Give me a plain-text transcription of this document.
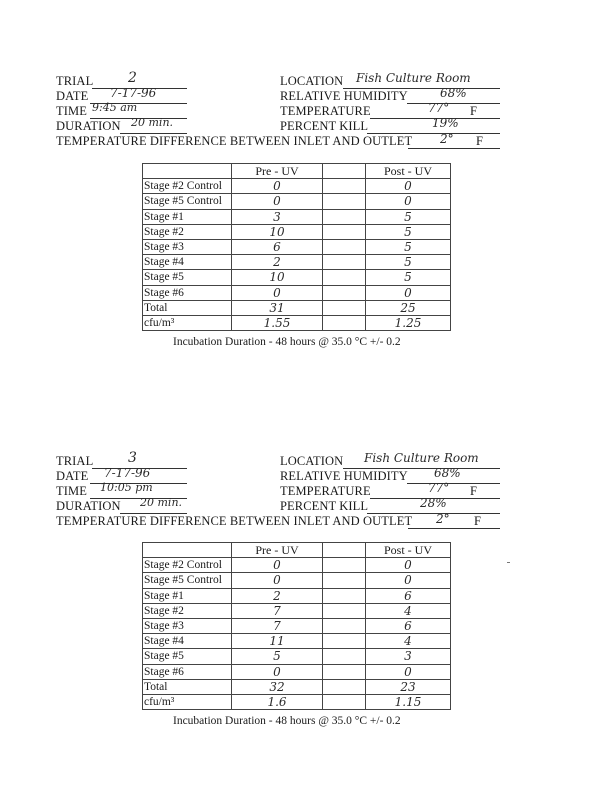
TRIAL 2
DATE 7-17-96
TIME 9:45 am
DURATION 20 min.
LOCATION Fish Culture Room
RELATIVE HUMIDITY	68%
TEMPERATURE	77° F
PERCENT KILL	19%
TEMPERATURE DIFFERENCE BETWEEN INLET AND OUTLET 2° F
	Pre - UV		Post - UV
Stage #2 Control	0		0
Stage #5 Control	0		0
Stage #1	3		5
Stage #2	10		5
Stage #3	6		5
Stage #4	2		5
Stage #5	10		5
Stage #6	0		0
Total	31		25
cfu/m³	1.55		1.25
Incubation Duration - 48 hours @ 35.0 °C +/- 0.2
TRIAL 3
DATE 7-17-96
TIME 10:05 pm
DURATION 20 min.
LOCATION Fish Culture Room
RELATIVE HUMIDITY 68%
TEMPERATURE	77° F
PERCENT KILL	28%
TEMPERATURE DIFFERENCE BETWEEN INLET AND OUTLET 2° F
	Pre - UV		Post - UV
Stage #2 Control	0		0
Stage #5 Control	0		0
Stage #1	2		6
Stage #2	7		4
Stage #3	7		6
Stage #4	11		4
Stage #5	5		3
Stage #6	0		0
Total	32		23
cfu/m³	1.6		1.15
Incubation Duration - 48 hours @ 35.0 °C +/- 0.2
